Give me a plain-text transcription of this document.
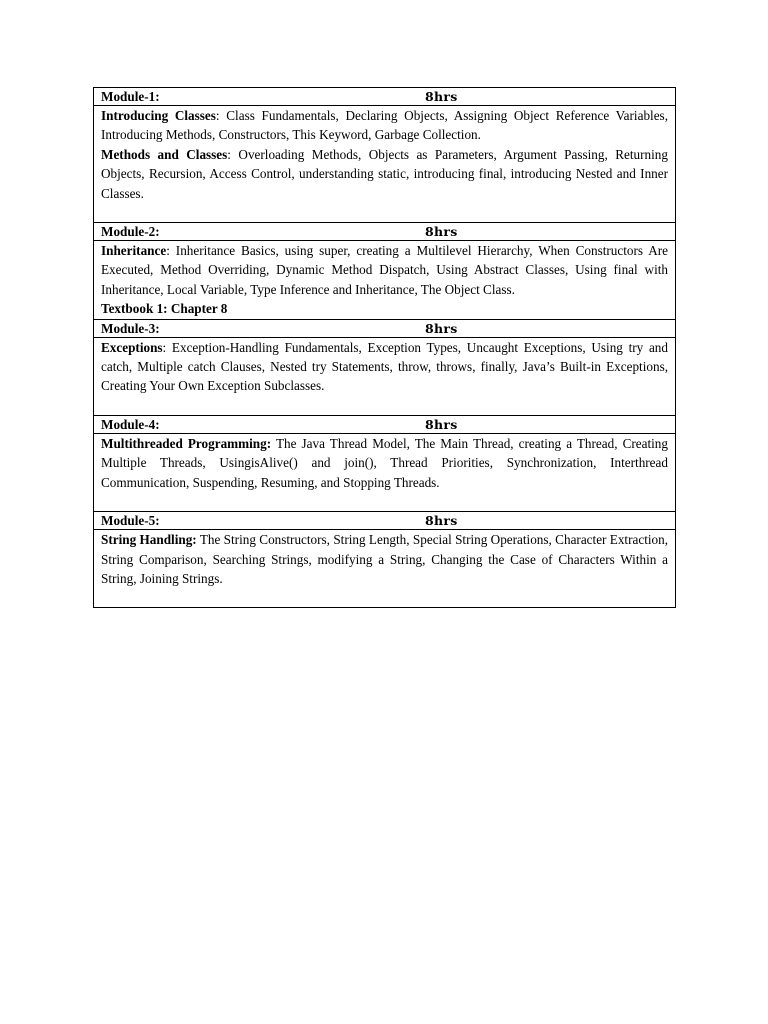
Module-1:	8hrs

Introducing Classes: Class Fundamentals, Declaring Objects, Assigning Object Reference Variables, Introducing Methods, Constructors, This Keyword, Garbage Collection.

Methods and Classes: Overloading Methods, Objects as Parameters, Argument Passing, Returning Objects, Recursion, Access Control, understanding static, introducing final, introducing Nested and Inner Classes.

Module-2:	8hrs

Inheritance: Inheritance Basics, using super, creating a Multilevel Hierarchy, When Constructors Are Executed, Method Overriding, Dynamic Method Dispatch, Using Abstract Classes, Using final with Inheritance, Local Variable, Type Inference and Inheritance, The Object Class.

Textbook 1: Chapter 8

Module-3:	8hrs

Exceptions: Exception-Handling Fundamentals, Exception Types, Uncaught Exceptions, Using try and catch, Multiple catch Clauses, Nested try Statements, throw, throws, finally, Java’s Built-in Exceptions, Creating Your Own Exception Subclasses.

Module-4:	8hrs

Multithreaded Programming: The Java Thread Model, The Main Thread, creating a Thread, Creating Multiple Threads, UsingisAlive() and join(), Thread Priorities, Synchronization, Interthread Communication, Suspending, Resuming, and Stopping Threads.

Module-5:	8hrs

String Handling: The String Constructors, String Length, Special String Operations, Character Extraction, String Comparison, Searching Strings, modifying a String, Changing the Case of Characters Within a String, Joining Strings.
